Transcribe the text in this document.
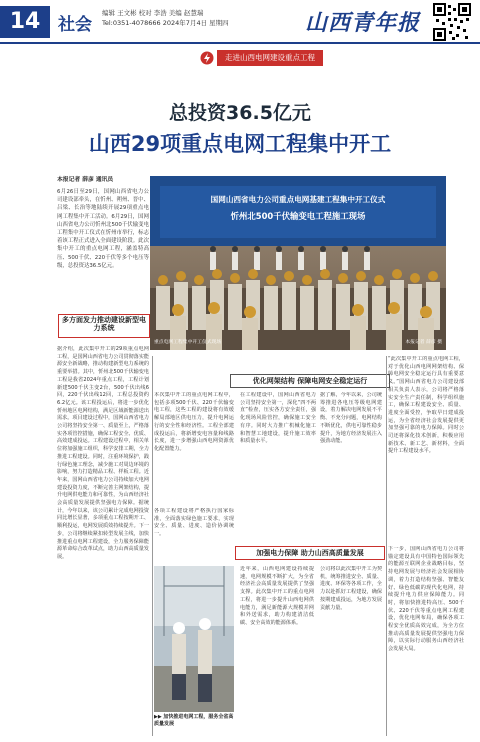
14	社会
编辑 王文彬 校对 李浩 美编 赵慧瑞
Tel:0351-4078666 2024年7月4日 星期四	山西青年报
走进山西电网建设重点工程
总投资36.5亿元
山西29项重点电网工程集中开工
本报记者 薛彦 通讯员
6月26日至29日，国网山西省电力公司建设部牵头，在忻州、朔州、晋中、吕梁、长治等地陆续开展29项重点电网工程集中开工活动。6月29日，国网山西省电力公司忻州北500千伏输变电工程集中开工仪式在忻州市举行，标志着该工程正式进入全面建设阶段。此次集中开工的重点电网工程，涵盖特高压、500千伏、220千伏等多个电压等级，总投资达36.5亿元。
国网山西省电力公司重点电网基建工程集中开工仪式
忻州北500千伏输变电工程施工现场
重点电网工程集中开工仪式现场	本报记者 薛彦 摄
多方面发力推动建设新型电力系统
据介绍，此次集中开工的29项重点电网工程，是国网山西省电力公司贯彻落实能源安全新战略，推动构建新型电力系统的重要举措。其中，忻州北500千伏输变电工程是我省2024年重点工程，工程计划新建500千伏主变2台，500千伏出线6回，220千伏出线12回，工程总投资约6.2亿元。该工程投运后，将进一步优化忻州地区电网结构，满足区域新能源送出需求。项目建设过程中，国网山西省电力公司将坚持安全第一、质量至上，严格落实各项管控措施，确保工程安全、优质、高效建成投运。工程建设过程中，相关单位将加强施工组织，科学安排工期，全力推进工程建设。同时，注重环境保护，践行绿色施工理念，减少施工对周边环境的影响，努力打造精品工程、样板工程。近年来，国网山西省电力公司持续加大电网建设投资力度，不断完善主网架结构，提升电网供电能力和可靠性，为山西经济社会高质量发展提供坚强电力保障。据统计，今年以来，该公司累计完成电网投资同比增长显著，多项重点工程按期开工、顺利投运，电网发展质效持续提升。下一步，公司将继续紧扣转型发展主线，加快推进重点电网工程建设，全力服务保障能源革命综合改革试点，助力山西高质量发展。
优化网架结构 保障电网安全稳定运行
本次集中开工的重点电网工程中，包括多项500千伏、220千伏输变电工程，这些工程的建设将有效缓解局部地区供电压力，提升电网运行的安全性和经济性。工程全部建成投运后，将新增变电容量和线路长度，进一步增强山西电网资源优化配置能力。
在工程建设中，国网山西省电力公司坚持安全第一，深化“四不两直”检查，压实各方安全责任，强化现场风险管控，确保施工安全有序。同时大力推广机械化施工和智慧工地建设，提升施工效率和质量水平。
据了解，今年以来，公司统筹推进各电压等级电网建设，着力解决电网发展不平衡、不充分问题，电网结构不断优化，供电可靠性稳步提升，为地方经济发展注入强劲动能。
“此次集中开工的重点电网工程，对于优化山西电网网架结构、保障电网安全稳定运行具有重要意义。”国网山西省电力公司建设部相关负责人表示，公司将严格落实安全生产责任制，科学组织施工，确保工程建设安全、质量、进度全面受控，争取早日建成投运，为全省经济社会发展提供更加坚强可靠的电力保障。同时公司还将深化技术创新，积极应用新技术、新工艺、新材料，全面提升工程建设水平。
各项工程建设将严格执行国家标准，全面落实绿色施工要求，实现安全、质量、进度、造价协调统一。
加强电力保障 助力山西高质量发展
▶▶ 加快推进电网工程，服务全省高质量发展
近年来，山西电网建设持续提速，电网规模不断扩大，为全省经济社会高质量发展提供了坚强支撑。此次集中开工的重点电网工程，将进一步提升山西电网供电能力，满足新能源大规模并网和外送需求，助力构建清洁低碳、安全高效的能源体系。
公司将以此次集中开工为契机，统筹推进安全、质量、进度、环保等各项工作，全力以赴抓好工程建设，确保按期建成投运，为地方发展贡献力量。
下一步，国网山西省电力公司将锚定建设具有中国特色国际领先的能源互联网企业战略目标，坚持电网发展与经济社会发展相协调，着力打造结构坚强、智能友好、绿色低碳的现代化电网，持续提升电力供应保障能力。同时，将加快推进特高压、500千伏、220千伏等重点电网工程建设，优化电网布局，确保各项工程安全优质高效完成，为全方位推动高质量发展提供坚强电力保障，以实际行动服务山西经济社会发展大局。
